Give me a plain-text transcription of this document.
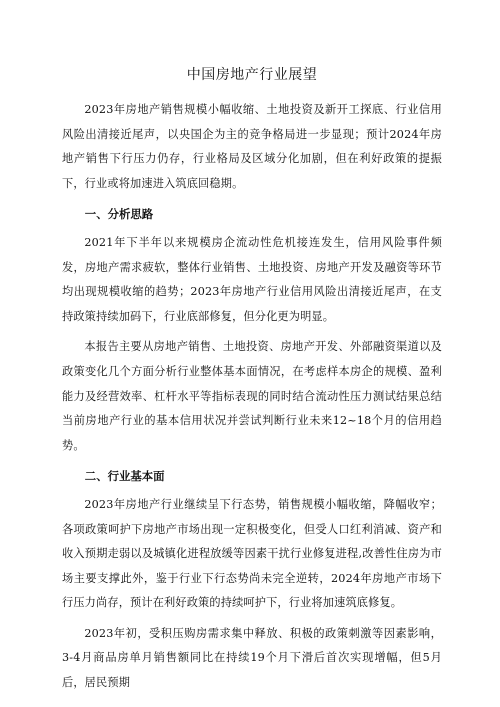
中国房地产行业展望

2023年房地产销售规模小幅收缩、土地投资及新开工探底、行业信用风险出清接近尾声，以央国企为主的竞争格局进一步显现；预计2024年房地产销售下行压力仍存，行业格局及区域分化加剧，但在利好政策的提振下，行业或将加速进入筑底回稳期。

一、分析思路

2021年下半年以来规模房企流动性危机接连发生，信用风险事件频发，房地产需求疲软，整体行业销售、土地投资、房地产开发及融资等环节均出现规模收缩的趋势；2023年房地产行业信用风险出清接近尾声，在支持政策持续加码下，行业底部修复，但分化更为明显。

本报告主要从房地产销售、土地投资、房地产开发、外部融资渠道以及政策变化几个方面分析行业整体基本面情况，在考虑样本房企的规模、盈利能力及经营效率、杠杆水平等指标表现的同时结合流动性压力测试结果总结当前房地产行业的基本信用状况并尝试判断行业未来12~18个月的信用趋势。

二、行业基本面

2023年房地产行业继续呈下行态势，销售规模小幅收缩，降幅收窄；各项政策呵护下房地产市场出现一定积极变化，但受人口红利消减、资产和收入预期走弱以及城镇化进程放缓等因素干扰行业修复进程,改善性住房为市场主要支撑此外，鉴于行业下行态势尚未完全逆转，2024年房地产市场下行压力尚存，预计在利好政策的持续呵护下，行业将加速筑底修复。

2023年初，受积压购房需求集中释放、积极的政策刺激等因素影响，3-4月商品房单月销售额同比在持续19个月下滑后首次实现增幅，但5月后，居民预期
